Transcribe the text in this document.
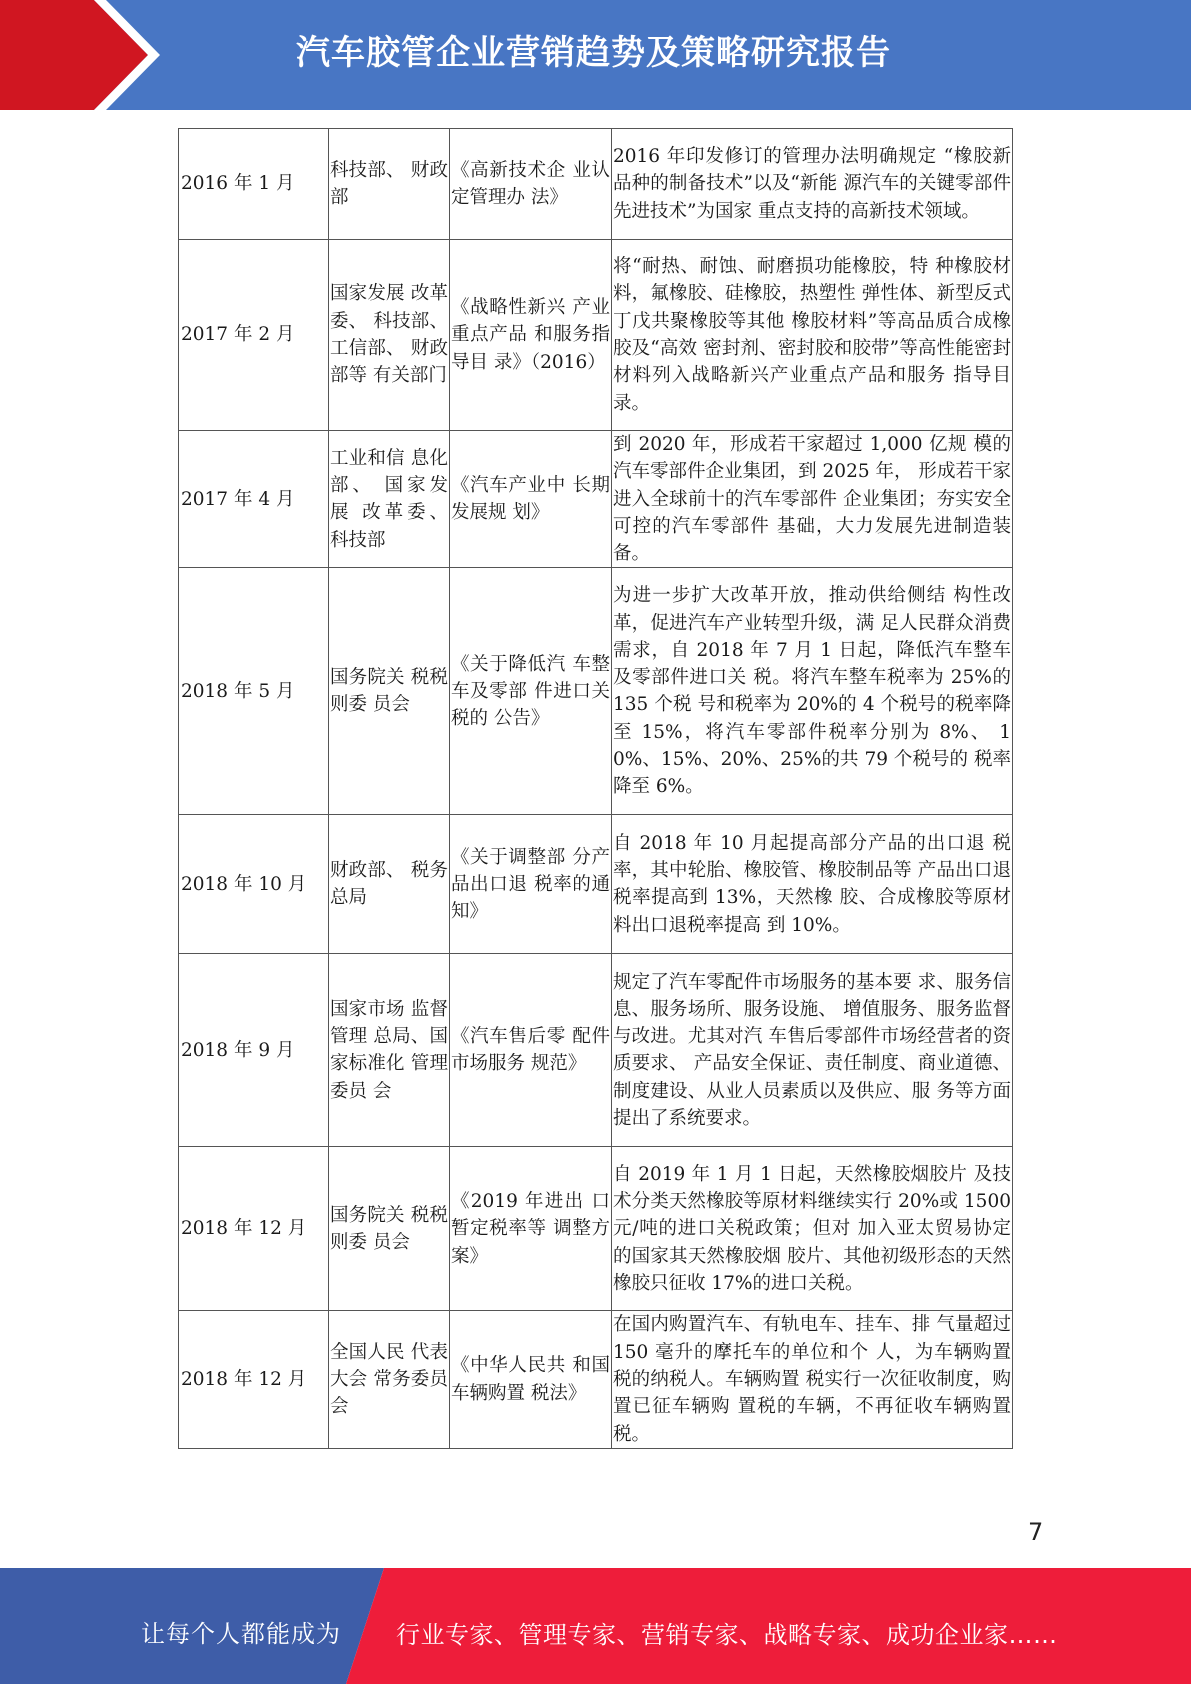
汽车胶管企业营销趋势及策略研究报告
2016 年 1 月	科技部、 财政部	《高新技术企 业认定管理办 法》	2016 年印发修订的管理办法明确规定 “橡胶新品种的制备技术”以及“新能 源汽车的关键零部件先进技术”为国家 重点支持的高新技术领域。
2017 年 2 月	国家发展 改革委、 科技部、 工信部、 财政部等 有关部门	《战略性新兴 产业重点产品 和服务指导目 录》（2016）	将“耐热、耐蚀、耐磨损功能橡胶，特 种橡胶材料，氟橡胶、硅橡胶，热塑性 弹性体、新型反式丁戊共聚橡胶等其他 橡胶材料”等高品质合成橡胶及“高效 密封剂、密封胶和胶带”等高性能密封 材料列入战略新兴产业重点产品和服务 指导目录。
2017 年 4 月	工业和信 息化部、 国家发 展 改革委、 科技部	《汽车产业中 长期发展规 划》	到 2020 年，形成若干家超过 1,000 亿规 模的汽车零部件企业集团，到 2025 年， 形成若干家进入全球前十的汽车零部件 企业集团；夯实安全可控的汽车零部件 基础，大力发展先进制造装备。
2018 年 5 月	国务院关 税税则委 员会	《关于降低汽 车整车及零部 件进口关税的 公告》	为进一步扩大改革开放，推动供给侧结 构性改革，促进汽车产业转型升级，满 足人民群众消费需求，自 2018 年 7 月 1 日起，降低汽车整车及零部件进口关 税。将汽车整车税率为 25%的 135 个税 号和税率为 20%的 4 个税号的税率降至 15%，将汽车零部件税率分别为 8%、 10%、15%、20%、25%的共 79 个税号的 税率降至 6%。
2018 年 10 月	财政部、 税务总局	《关于调整部 分产品出口退 税率的通知》	自 2018 年 10 月起提高部分产品的出口退 税率，其中轮胎、橡胶管、橡胶制品等 产品出口退税率提高到 13%，天然橡 胶、合成橡胶等原材料出口退税率提高 到 10%。
2018 年 9 月	国家市场 监督管理 总局、国 家标准化 管理委员 会	《汽车售后零 配件市场服务 规范》	规定了汽车零配件市场服务的基本要 求、服务信息、服务场所、服务设施、 增值服务、服务监督与改进。尤其对汽 车售后零部件市场经营者的资质要求、 产品安全保证、责任制度、商业道德、 制度建设、从业人员素质以及供应、服 务等方面提出了系统要求。
2018 年 12 月	国务院关 税税则委 员会	《2019 年进出 口暂定税率等 调整方案》	自 2019 年 1 月 1 日起，天然橡胶烟胶片 及技术分类天然橡胶等原材料继续实行 20%或 1500 元/吨的进口关税政策；但对 加入亚太贸易协定的国家其天然橡胶烟 胶片、其他初级形态的天然橡胶只征收 17%的进口关税。
2018 年 12 月	全国人民 代表大会 常务委员 会	《中华人民共 和国车辆购置 税法》	在国内购置汽车、有轨电车、挂车、排 气量超过 150 毫升的摩托车的单位和个 人，为车辆购置税的纳税人。车辆购置 税实行一次征收制度，购置已征车辆购 置税的车辆，不再征收车辆购置税。
7
让每个人都能成为 行业专家、管理专家、营销专家、战略专家、成功企业家……
